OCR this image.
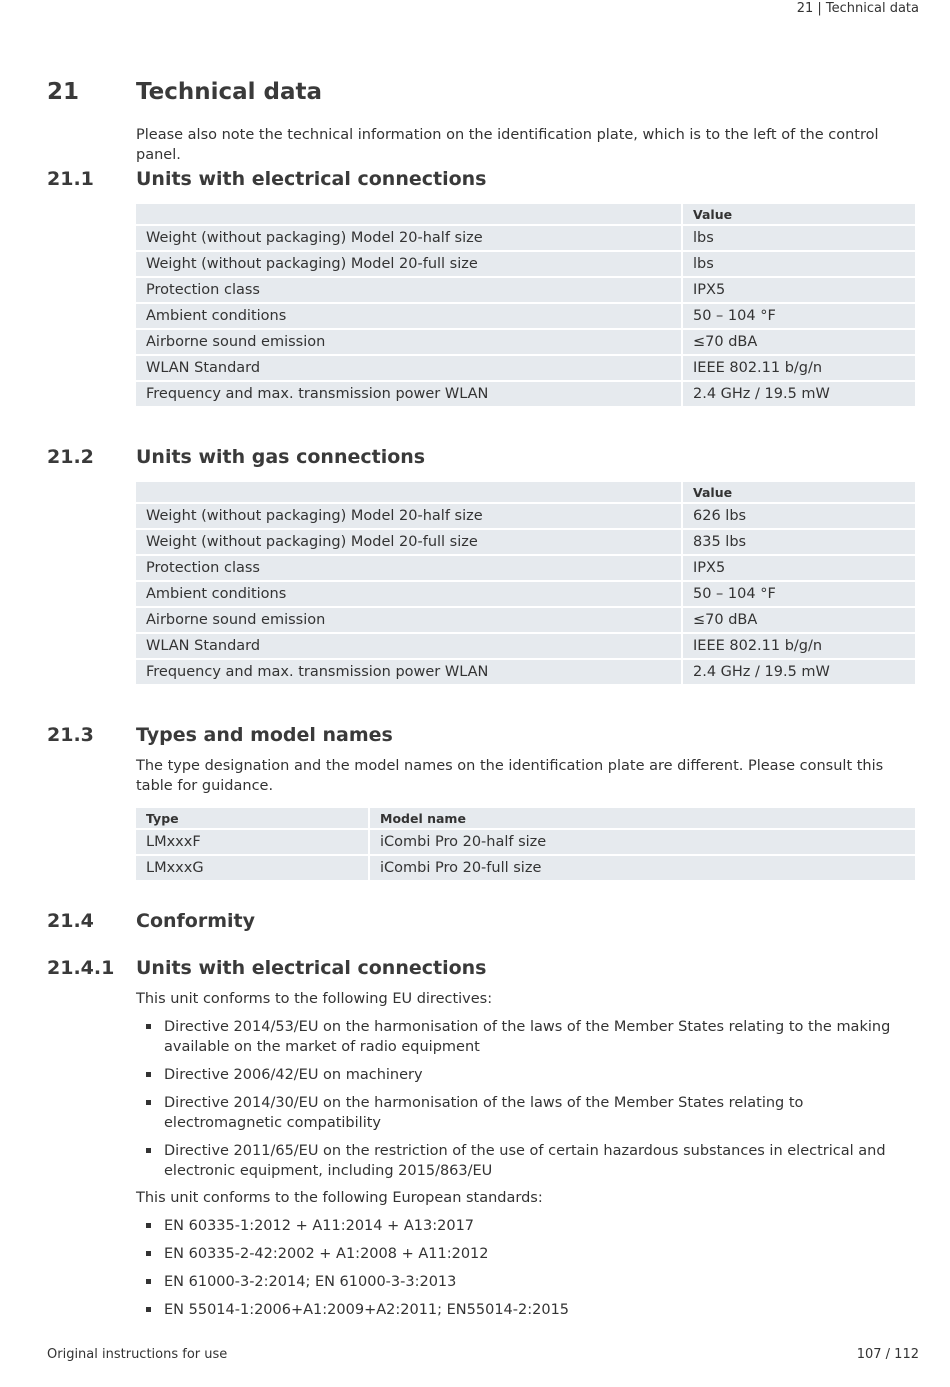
21 | Technical data
21 Technical data
Please also note the technical information on the identification plate, which is to the left of the control panel.
21.1 Units with electrical connections
	Value
Weight (without packaging) Model 20-half size	lbs
Weight (without packaging) Model 20-full size	lbs
Protection class	IPX5
Ambient conditions	50 – 104 °F
Airborne sound emission	≤70 dBA
WLAN Standard	IEEE 802.11 b/g/n
Frequency and max. transmission power WLAN	2.4 GHz / 19.5 mW
21.2 Units with gas connections
	Value
Weight (without packaging) Model 20-half size	626 lbs
Weight (without packaging) Model 20-full size	835 lbs
Protection class	IPX5
Ambient conditions	50 – 104 °F
Airborne sound emission	≤70 dBA
WLAN Standard	IEEE 802.11 b/g/n
Frequency and max. transmission power WLAN	2.4 GHz / 19.5 mW
21.3 Types and model names
The type designation and the model names on the identification plate are different. Please consult this table for guidance.
Type	Model name
LMxxxF	iCombi Pro 20-half size
LMxxxG	iCombi Pro 20-full size
21.4 Conformity
21.4.1 Units with electrical connections
This unit conforms to the following EU directives:
Directive 2014/53/EU on the harmonisation of the laws of the Member States relating to the making available on the market of radio equipment
Directive 2006/42/EU on machinery
Directive 2014/30/EU on the harmonisation of the laws of the Member States relating to electromagnetic compatibility
Directive 2011/65/EU on the restriction of the use of certain hazardous substances in electrical and electronic equipment, including 2015/863/EU
This unit conforms to the following European standards:
EN 60335-1:2012 + A11:2014 + A13:2017
EN 60335-2-42:2002 + A1:2008 + A11:2012
EN 61000-3-2:2014; EN 61000-3-3:2013
EN 55014-1:2006+A1:2009+A2:2011; EN55014-2:2015
Original instructions for use	107 / 112
